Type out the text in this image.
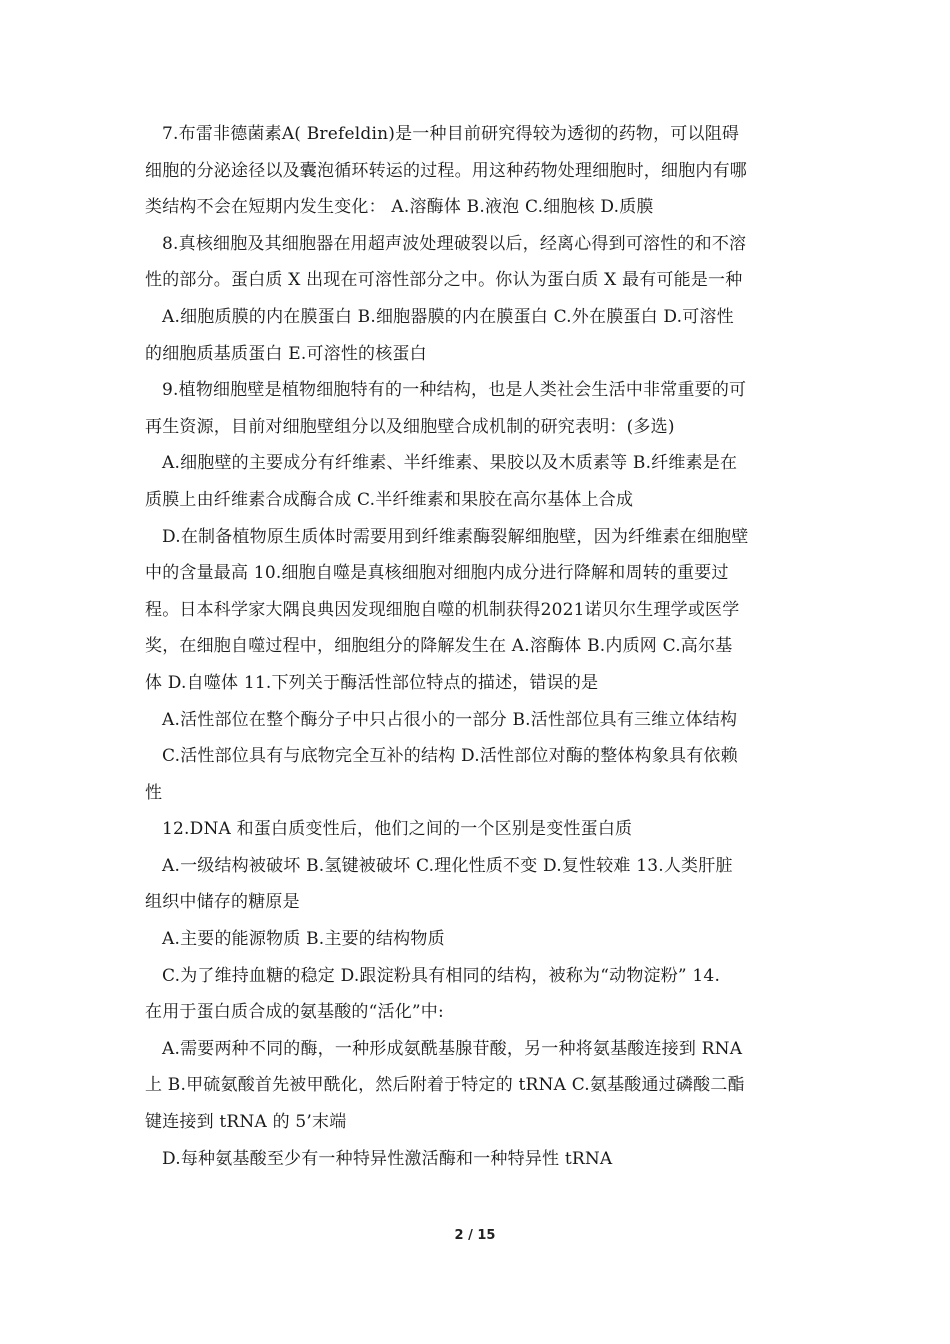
7.布雷非德菌素A( Brefeldin)是一种目前研究得较为透彻的药物，可以阻碍
细胞的分泌途径以及囊泡循环转运的过程。用这种药物处理细胞时，细胞内有哪
类结构不会在短期内发生变化： A.溶酶体 B.液泡 C.细胞核 D.质膜
8.真核细胞及其细胞器在用超声波处理破裂以后，经离心得到可溶性的和不溶
性的部分。蛋白质 X 出现在可溶性部分之中。你认为蛋白质 X 最有可能是一种
A.细胞质膜的内在膜蛋白 B.细胞器膜的内在膜蛋白 C.外在膜蛋白 D.可溶性
的细胞质基质蛋白 E.可溶性的核蛋白
9.植物细胞壁是植物细胞特有的一种结构，也是人类社会生活中非常重要的可
再生资源，目前对细胞壁组分以及细胞壁合成机制的研究表明：(多选)
A.细胞壁的主要成分有纤维素、半纤维素、果胶以及木质素等 B.纤维素是在
质膜上由纤维素合成酶合成 C.半纤维素和果胶在高尔基体上合成
D.在制备植物原生质体时需要用到纤维素酶裂解细胞壁，因为纤维素在细胞壁
中的含量最高 10.细胞自噬是真核细胞对细胞内成分进行降解和周转的重要过
程。日本科学家大隅良典因发现细胞自噬的机制获得2021诺贝尔生理学或医学
奖，在细胞自噬过程中，细胞组分的降解发生在 A.溶酶体 B.内质网 C.高尔基
体 D.自噬体 11.下列关于酶活性部位特点的描述，错误的是
A.活性部位在整个酶分子中只占很小的一部分 B.活性部位具有三维立体结构
C.活性部位具有与底物完全互补的结构 D.活性部位对酶的整体构象具有依赖
性
12.DNA 和蛋白质变性后，他们之间的一个区别是变性蛋白质
A.一级结构被破坏 B.氢键被破坏 C.理化性质不变 D.复性较难 13.人类肝脏
组织中储存的糖原是
A.主要的能源物质 B.主要的结构物质
C.为了维持血糖的稳定 D.跟淀粉具有相同的结构，被称为“动物淀粉” 14.
在用于蛋白质合成的氨基酸的“活化”中:
A.需要两种不同的酶，一种形成氨酰基腺苷酸，另一种将氨基酸连接到 RNA
上 B.甲硫氨酸首先被甲酰化，然后附着于特定的 tRNA C.氨基酸通过磷酸二酯
键连接到 tRNA 的 5’末端
D.每种氨基酸至少有一种特异性激活酶和一种特异性 tRNA
2 / 15
